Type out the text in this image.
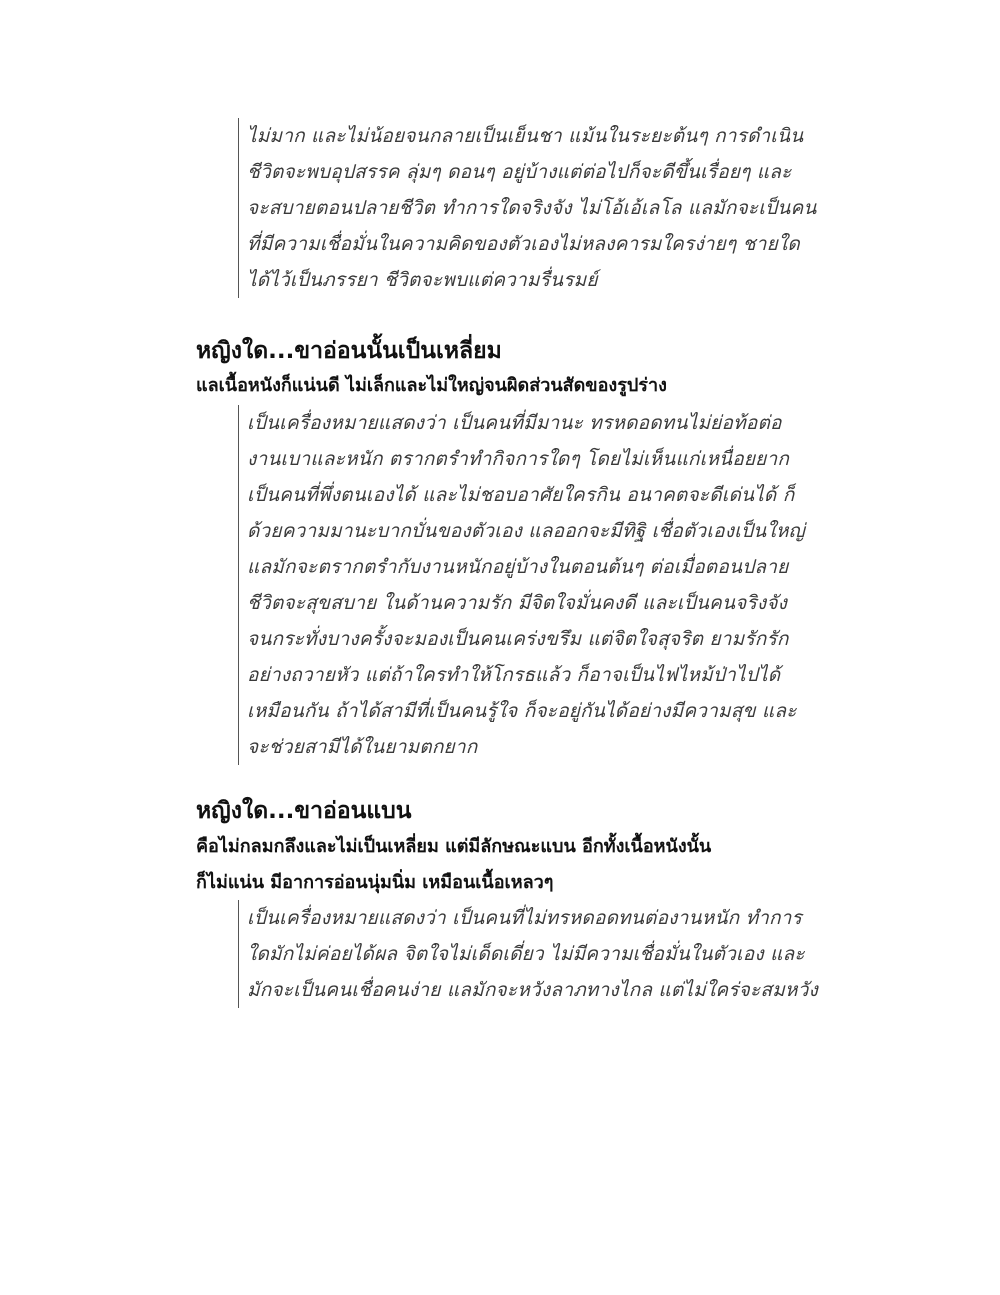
ไม่มาก และไม่น้อยจนกลายเป็นเย็นชา แม้นในระยะต้นๆ การดำเนิน
ชีวิตจะพบอุปสรรค ลุ่มๆ ดอนๆ อยู่บ้างแต่ต่อไปก็จะดีขึ้นเรื่อยๆ และ
จะสบายตอนปลายชีวิต ทำการใดจริงจัง ไม่โอ้เอ้เลโล แลมักจะเป็นคน
ที่มีความเชื่อมั่นในความคิดของตัวเองไม่หลงคารมใครง่ายๆ ชายใด
ได้ไว้เป็นภรรยา ชีวิตจะพบแต่ความรื่นรมย์
หญิงใด...ขาอ่อนนั้นเป็นเหลี่ยม
แลเนื้อหนังก็แน่นดี ไม่เล็กและไม่ใหญ่จนผิดส่วนสัดของรูปร่าง
เป็นเครื่องหมายแสดงว่า เป็นคนที่มีมานะ ทรหดอดทนไม่ย่อท้อต่อ
งานเบาและหนัก ตรากตรำทำกิจการใดๆ โดยไม่เห็นแก่เหนื่อยยาก
เป็นคนที่พึ่งตนเองได้ และไม่ชอบอาศัยใครกิน อนาคตจะดีเด่นได้ ก็
ด้วยความมานะบากบั่นของตัวเอง แลออกจะมีทิฐิ เชื่อตัวเองเป็นใหญ่
แลมักจะตรากตรำกับงานหนักอยู่บ้างในตอนต้นๆ ต่อเมื่อตอนปลาย
ชีวิตจะสุขสบาย ในด้านความรัก มีจิตใจมั่นคงดี และเป็นคนจริงจัง
จนกระทั่งบางครั้งจะมองเป็นคนเคร่งขรึม แต่จิตใจสุจริต ยามรักรัก
อย่างถวายหัว แต่ถ้าใครทำให้โกรธแล้ว ก็อาจเป็นไฟไหม้ป่าไปได้
เหมือนกัน ถ้าได้สามีที่เป็นคนรู้ใจ ก็จะอยู่กันได้อย่างมีความสุข และ
จะช่วยสามีได้ในยามตกยาก
หญิงใด...ขาอ่อนแบน
คือไม่กลมกลึงและไม่เป็นเหลี่ยม แต่มีลักษณะแบน อีกทั้งเนื้อหนังนั้น
ก็ไม่แน่น มีอาการอ่อนนุ่มนิ่ม เหมือนเนื้อเหลวๆ
เป็นเครื่องหมายแสดงว่า เป็นคนที่ไม่ทรหดอดทนต่องานหนัก ทำการ
ใดมักไม่ค่อยได้ผล จิตใจไม่เด็ดเดี่ยว ไม่มีความเชื่อมั่นในตัวเอง และ
มักจะเป็นคนเชื่อคนง่าย แลมักจะหวังลาภทางไกล แต่ไม่ใคร่จะสมหวัง
